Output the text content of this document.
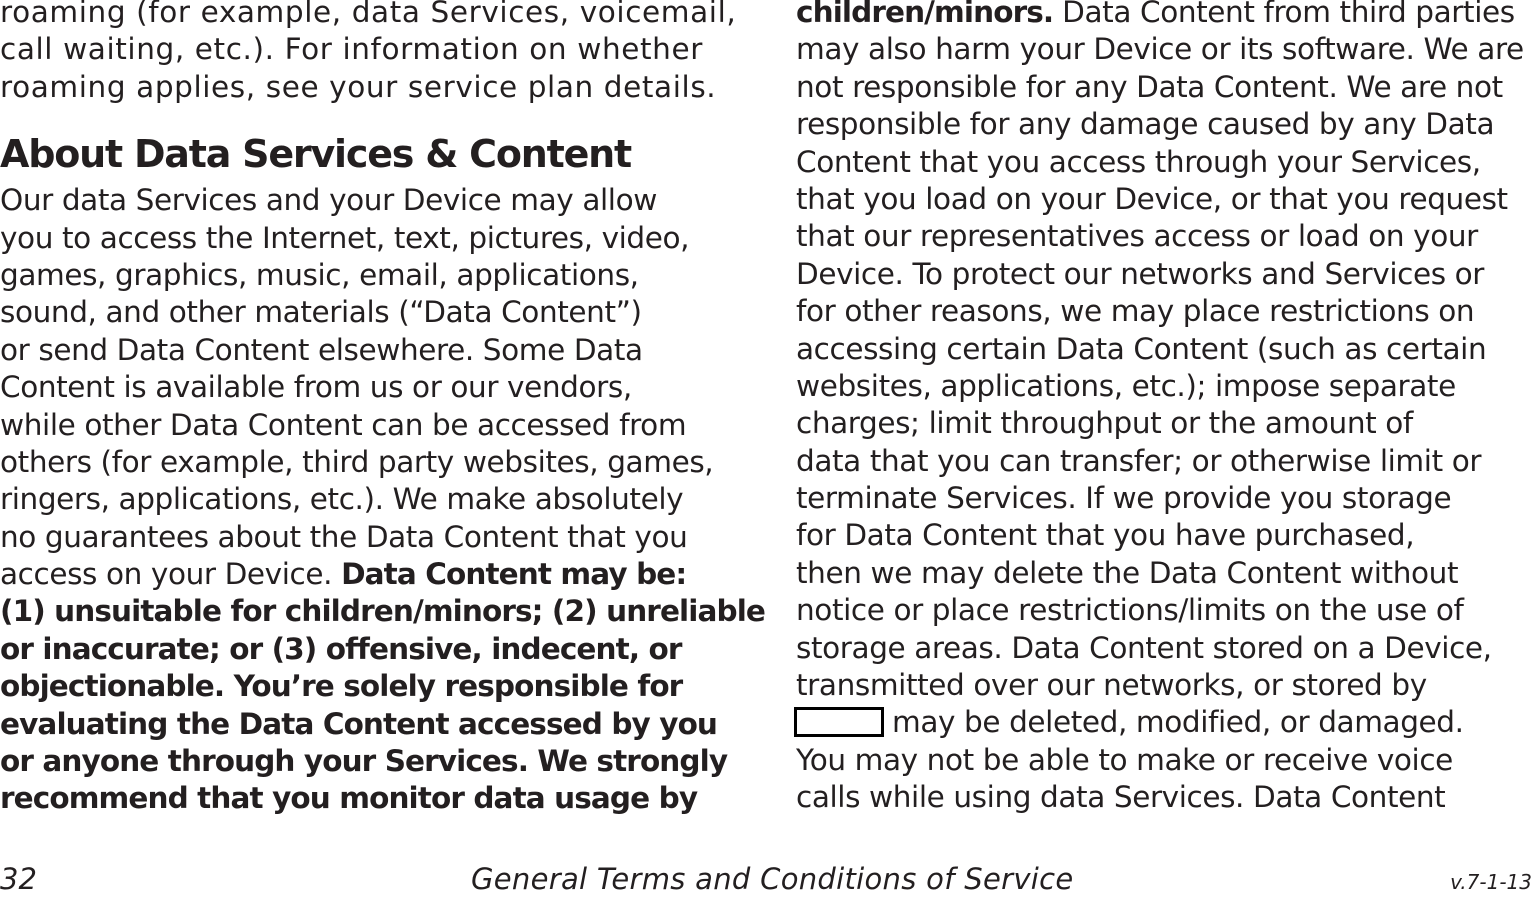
roaming (for example, data Services, voicemail,
call waiting, etc.). For information on whether
roaming applies, see your service plan details.
About Data Services & Content
Our data Services and your Device may allow
you to access the Internet, text, pictures, video,
games, graphics, music, email, applications,
sound, and other materials (“Data Content”)
or send Data Content elsewhere. Some Data
Content is available from us or our vendors,
while other Data Content can be accessed from
others (for example, third party websites, games,
ringers, applications, etc.). We make absolutely
no guarantees about the Data Content that you
access on your Device. Data Content may be:
(1) unsuitable for children/minors; (2) unreliable
or inaccurate; or (3) offensive, indecent, or
objectionable. You’re solely responsible for
evaluating the Data Content accessed by you
or anyone through your Services. We strongly
recommend that you monitor data usage by
children/minors. Data Content from third parties
may also harm your Device or its software. We are
not responsible for any Data Content. We are not
responsible for any damage caused by any Data
Content that you access through your Services,
that you load on your Device, or that you request
that our representatives access or load on your
Device. To protect our networks and Services or
for other reasons, we may place restrictions on
accessing certain Data Content (such as certain
websites, applications, etc.); impose separate
charges; limit throughput or the amount of
data that you can transfer; or otherwise limit or
terminate Services. If we provide you storage
for Data Content that you have purchased,
then we may delete the Data Content without
notice or place restrictions/limits on the use of
storage areas. Data Content stored on a Device,
transmitted over our networks, or stored by
may be deleted, modified, or damaged.
You may not be able to make or receive voice
calls while using data Services. Data Content
32	General Terms and Conditions of Service	v.7-1-13
